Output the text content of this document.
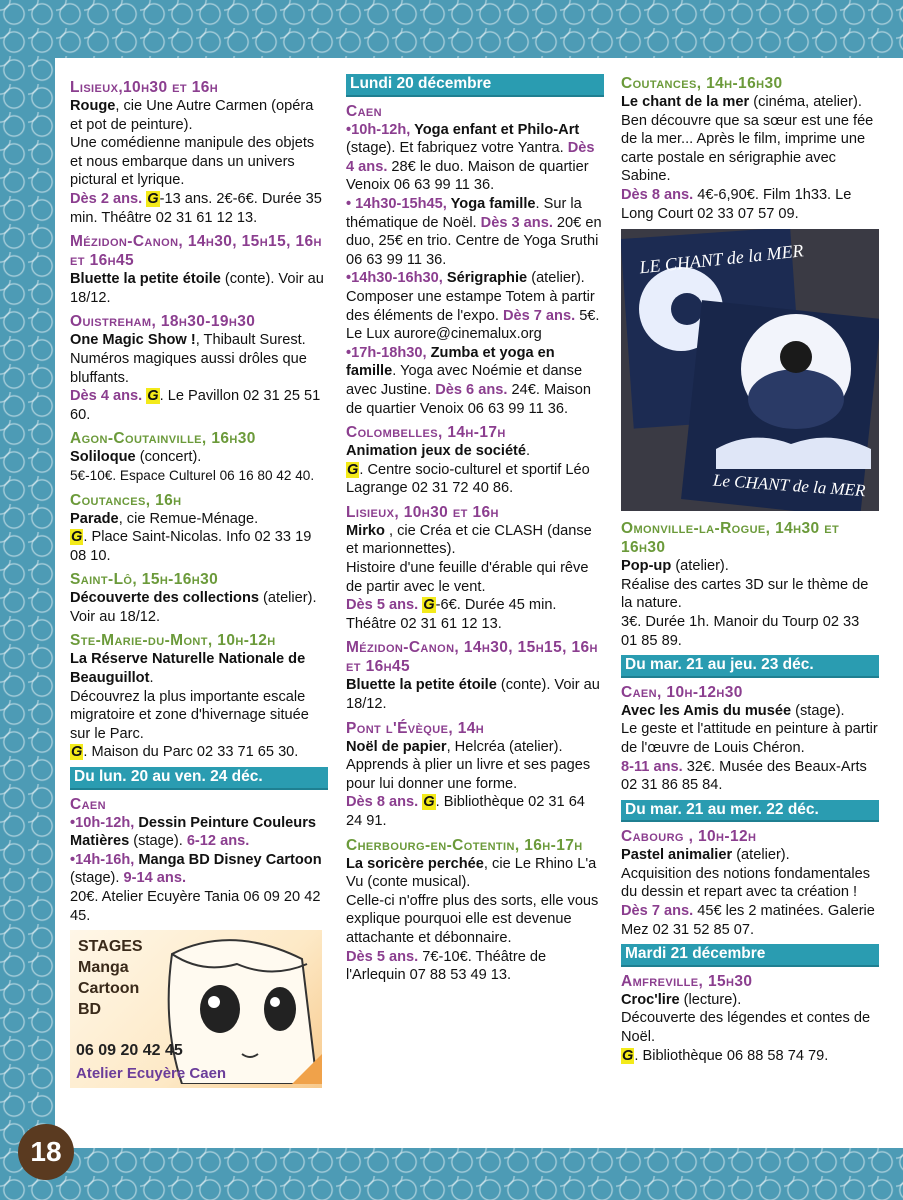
Lisieux,10h30 et 16h
Rouge, cie Une Autre Carmen (opéra et pot de peinture).
Une comédienne manipule des objets et nous embarque dans un univers pictural et lyrique.
Dès 2 ans. G-13 ans. 2€-6€. Durée 35 min. Théâtre 02 31 61 12 13.
Mézidon-Canon, 14h30, 15h15, 16h et 16h45
Bluette la petite étoile (conte). Voir au 18/12.
Ouistreham, 18h30-19h30
One Magic Show !, Thibault Surest. Numéros magiques aussi drôles que bluffants.
Dès 4 ans. G. Le Pavillon 02 31 25 51 60.
Agon-Coutainville, 16h30
Soliloque (concert).
5€-10€. Espace Culturel 06 16 80 42 40.
Coutances, 16h
Parade, cie Remue-Ménage.
G. Place Saint-Nicolas. Info 02 33 19 08 10.
Saint-Lô, 15h-16h30
Découverte des collections (atelier). Voir au 18/12.
Ste-Marie-du-Mont, 10h-12h
La Réserve Naturelle Nationale de Beauguillot.
Découvrez la plus importante escale migratoire et zone d'hivernage située sur le Parc.
G. Maison du Parc 02 33 71 65 30.
Du lun. 20 au ven. 24 déc.
Caen
•10h-12h, Dessin Peinture Couleurs Matières (stage). 6-12 ans.
•14h-16h, Manga BD Disney Cartoon (stage). 9-14 ans.
20€. Atelier Ecuyère Tania 06 09 20 42 45.
STAGES
Manga
Cartoon
BD
06 09 20 42 45
Atelier Ecuyère Caen
Lundi 20 décembre
Caen
•10h-12h, Yoga enfant et Philo-Art (stage). Et fabriquez votre Yantra. Dès 4 ans. 28€ le duo. Maison de quartier Venoix 06 63 99 11 36.
• 14h30-15h45, Yoga famille. Sur la thématique de Noël. Dès 3 ans. 20€ en duo, 25€ en trio. Centre de Yoga Sruthi 06 63 99 11 36.
•14h30-16h30, Sérigraphie (atelier). Composer une estampe Totem à partir des éléments de l'expo. Dès 7 ans. 5€. Le Lux aurore@cinemalux.org
•17h-18h30, Zumba et yoga en famille. Yoga avec Noémie et danse avec Justine. Dès 6 ans. 24€. Maison de quartier Venoix 06 63 99 11 36.
Colombelles, 14h-17h
Animation jeux de société.
G. Centre socio-culturel et sportif Léo Lagrange 02 31 72 40 86.
Lisieux, 10h30 et 16h
Mirko , cie Créa et cie CLASH (danse et marionnettes).
Histoire d'une feuille d'érable qui rêve de partir avec le vent.
Dès 5 ans. G-6€. Durée 45 min. Théâtre 02 31 61 12 13.
Mézidon-Canon, 14h30, 15h15, 16h et 16h45
Bluette la petite étoile (conte). Voir au 18/12.
Pont l'Évèque, 14h
Noël de papier, Helcréa (atelier).
Apprends à plier un livre et ses pages pour lui donner une forme.
Dès 8 ans. G. Bibliothèque 02 31 64 24 91.
Cherbourg-en-Cotentin, 16h-17h
La soricère perchée, cie Le Rhino L'a Vu (conte musical).
Celle-ci n'offre plus des sorts, elle vous explique pourquoi elle est devenue attachante et débonnaire.
Dès 5 ans. 7€-10€. Théâtre de l'Arlequin 07 88 53 49 13.
Coutances, 14h-16h30
Le chant de la mer (cinéma, atelier).
Ben découvre que sa sœur est une fée de la mer... Après le film, imprime une carte postale en sérigraphie avec Sabine.
Dès 8 ans. 4€-6,90€. Film 1h33. Le Long Court 02 33 07 57 09.
LE CHANT de la MER
Le CHANT de la MER
Omonville-la-Rogue, 14h30 et 16h30
Pop-up (atelier).
Réalise des cartes 3D sur le thème de la nature.
3€. Durée 1h. Manoir du Tourp 02 33 01 85 89.
Du mar. 21 au jeu. 23 déc.
Caen, 10h-12h30
Avec les Amis du musée (stage).
Le geste et l'attitude en peinture à partir de l'œuvre de Louis Chéron.
8-11 ans. 32€. Musée des Beaux-Arts 02 31 86 85 84.
Du mar. 21 au mer. 22 déc.
Cabourg , 10h-12h
Pastel animalier (atelier).
Acquisition des notions fondamentales du dessin et repart avec ta création !
Dès 7 ans. 45€ les 2 matinées. Galerie Mez 02 31 52 85 07.
Mardi 21 décembre
Amfreville, 15h30
Croc'lire (lecture).
Découverte des légendes et contes de Noël.
G. Bibliothèque 06 88 58 74 79.
18
